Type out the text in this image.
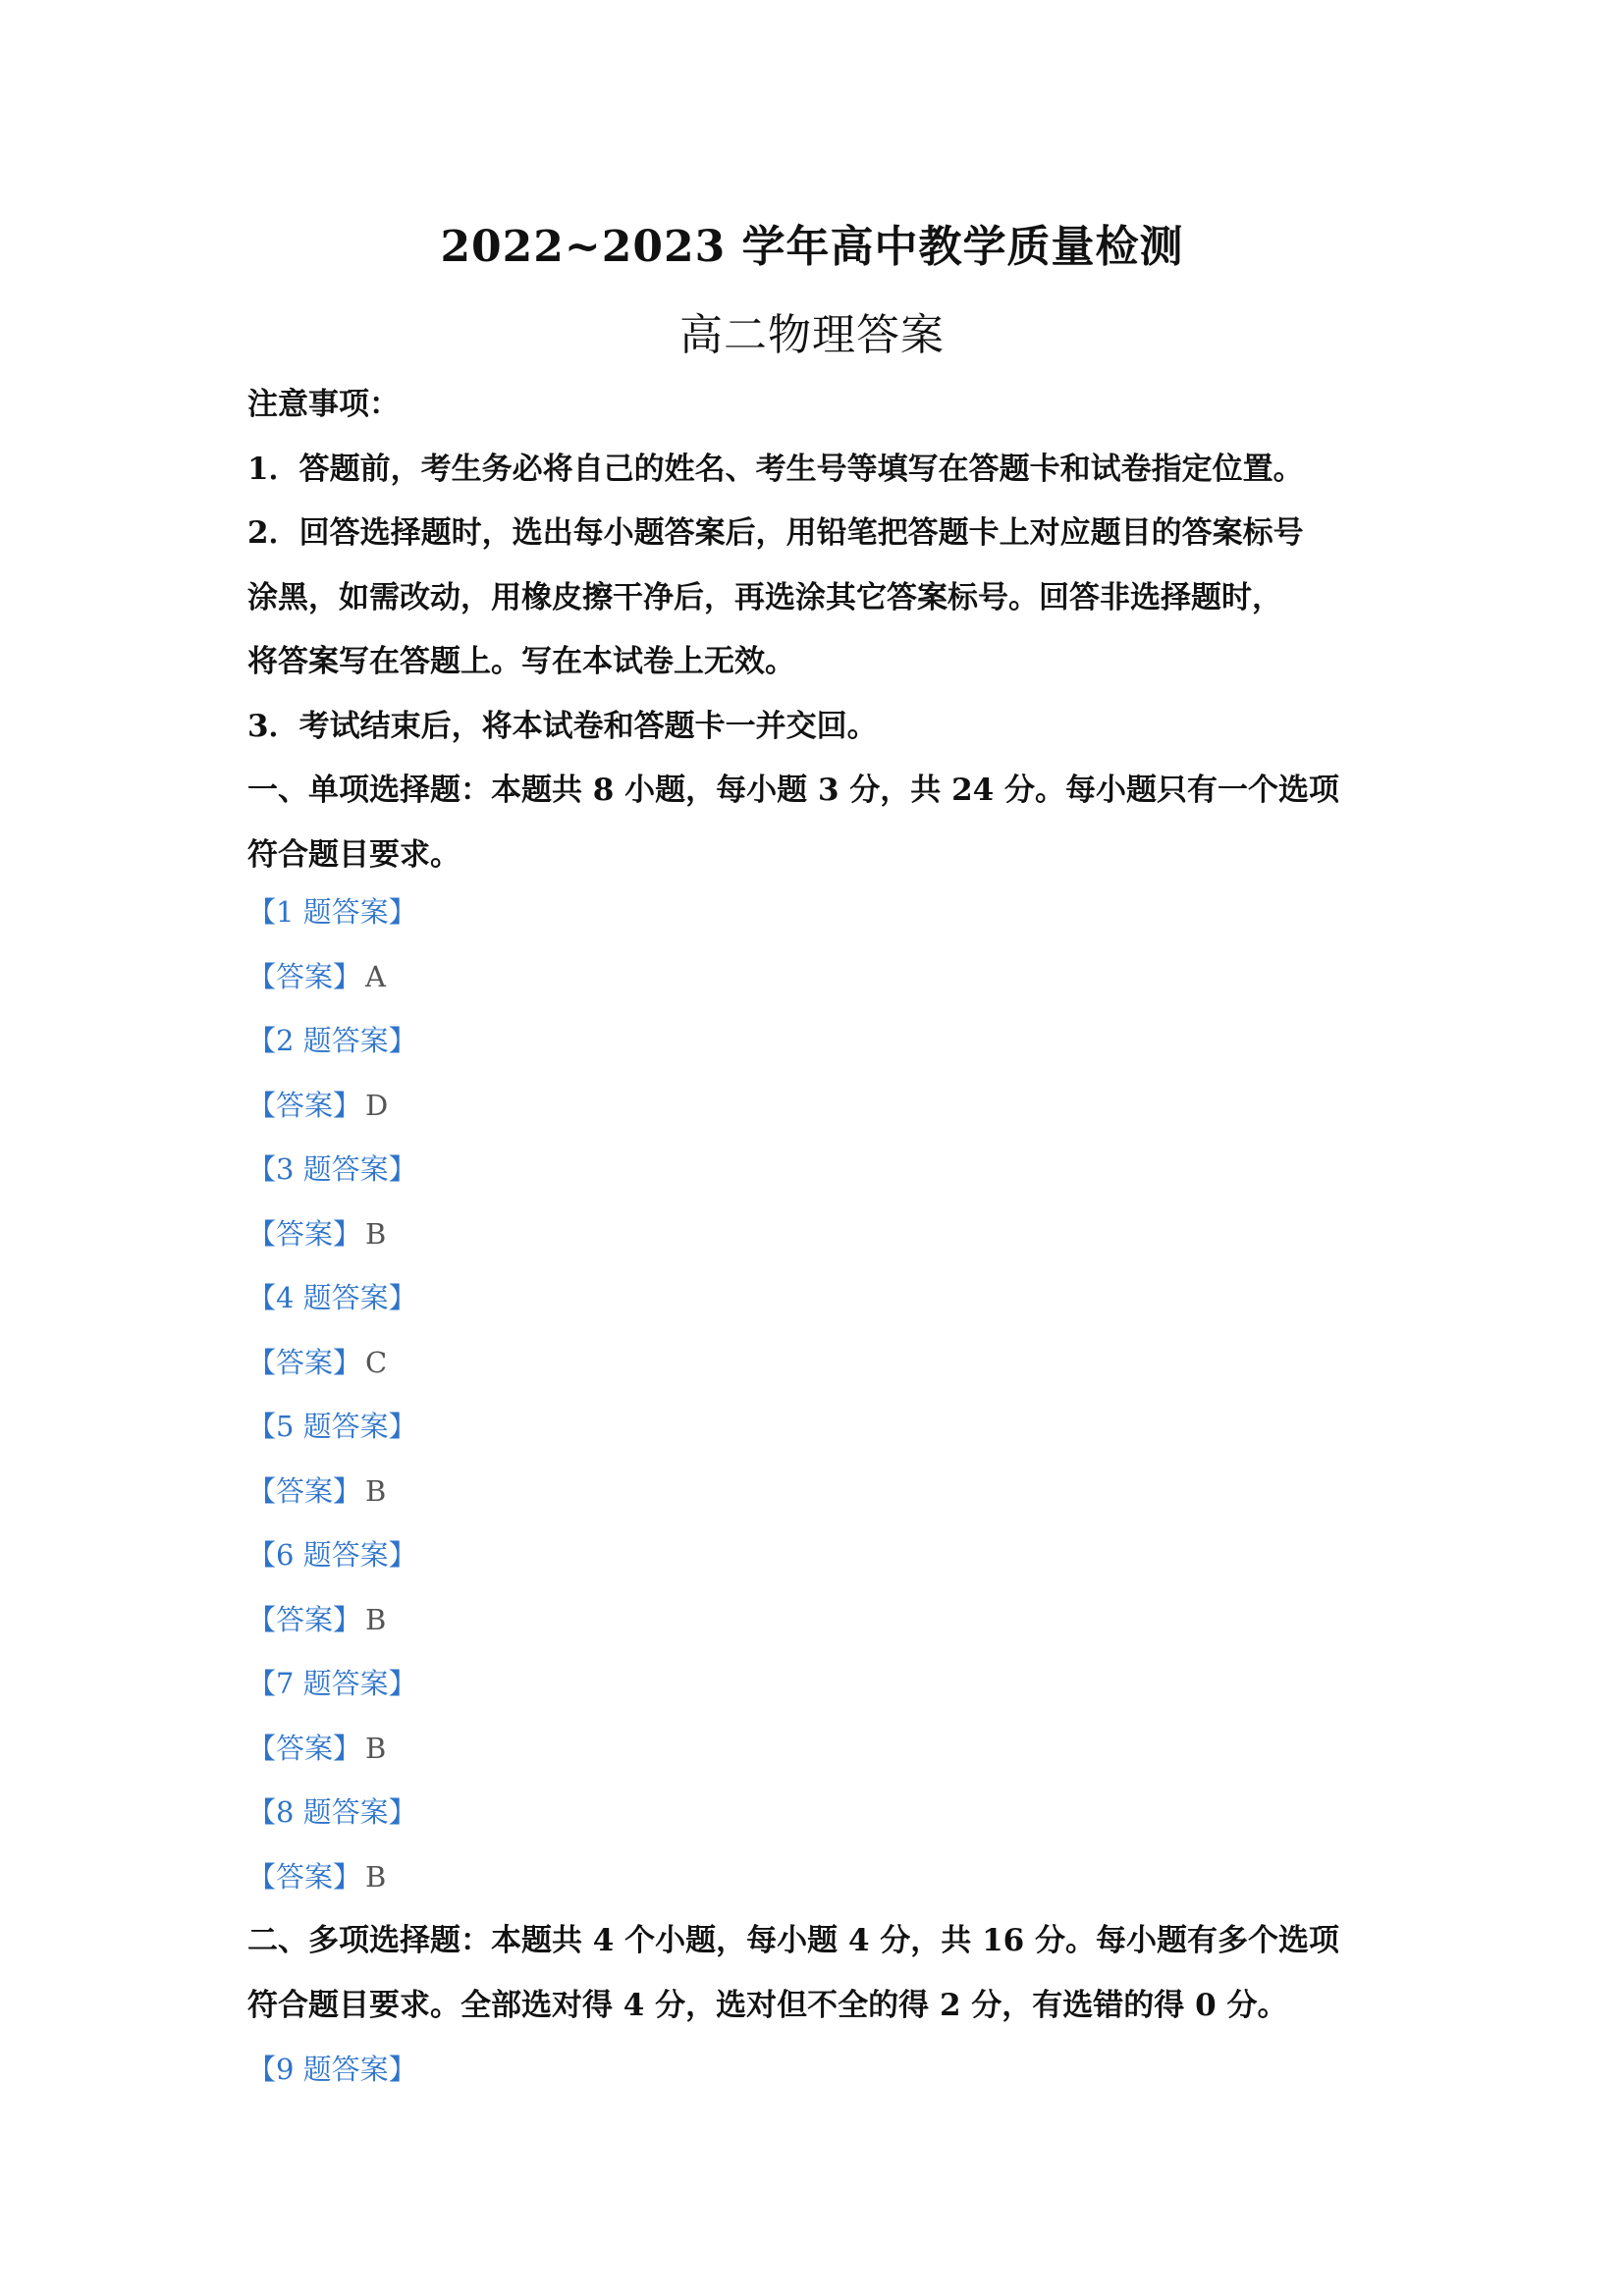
2022~2023 学年高中教学质量检测
高二物理答案
注意事项：
1．答题前，考生务必将自己的姓名、考生号等填写在答题卡和试卷指定位置。
2．回答选择题时，选出每小题答案后，用铅笔把答题卡上对应题目的答案标号
涂黑，如需改动，用橡皮擦干净后，再选涂其它答案标号。回答非选择题时，
将答案写在答题上。写在本试卷上无效。
3．考试结束后，将本试卷和答题卡一并交回。
一、单项选择题：本题共 8 小题，每小题 3 分，共 24 分。每小题只有一个选项
符合题目要求。
【1 题答案】
【答案】 A
【2 题答案】
【答案】 D
【3 题答案】
【答案】 B
【4 题答案】
【答案】 C
【5 题答案】
【答案】 B
【6 题答案】
【答案】 B
【7 题答案】
【答案】 B
【8 题答案】
【答案】 B
二、多项选择题：本题共 4 个小题，每小题 4 分，共 16 分。每小题有多个选项
符合题目要求。全部选对得 4 分，选对但不全的得 2 分，有选错的得 0 分。
【9 题答案】
